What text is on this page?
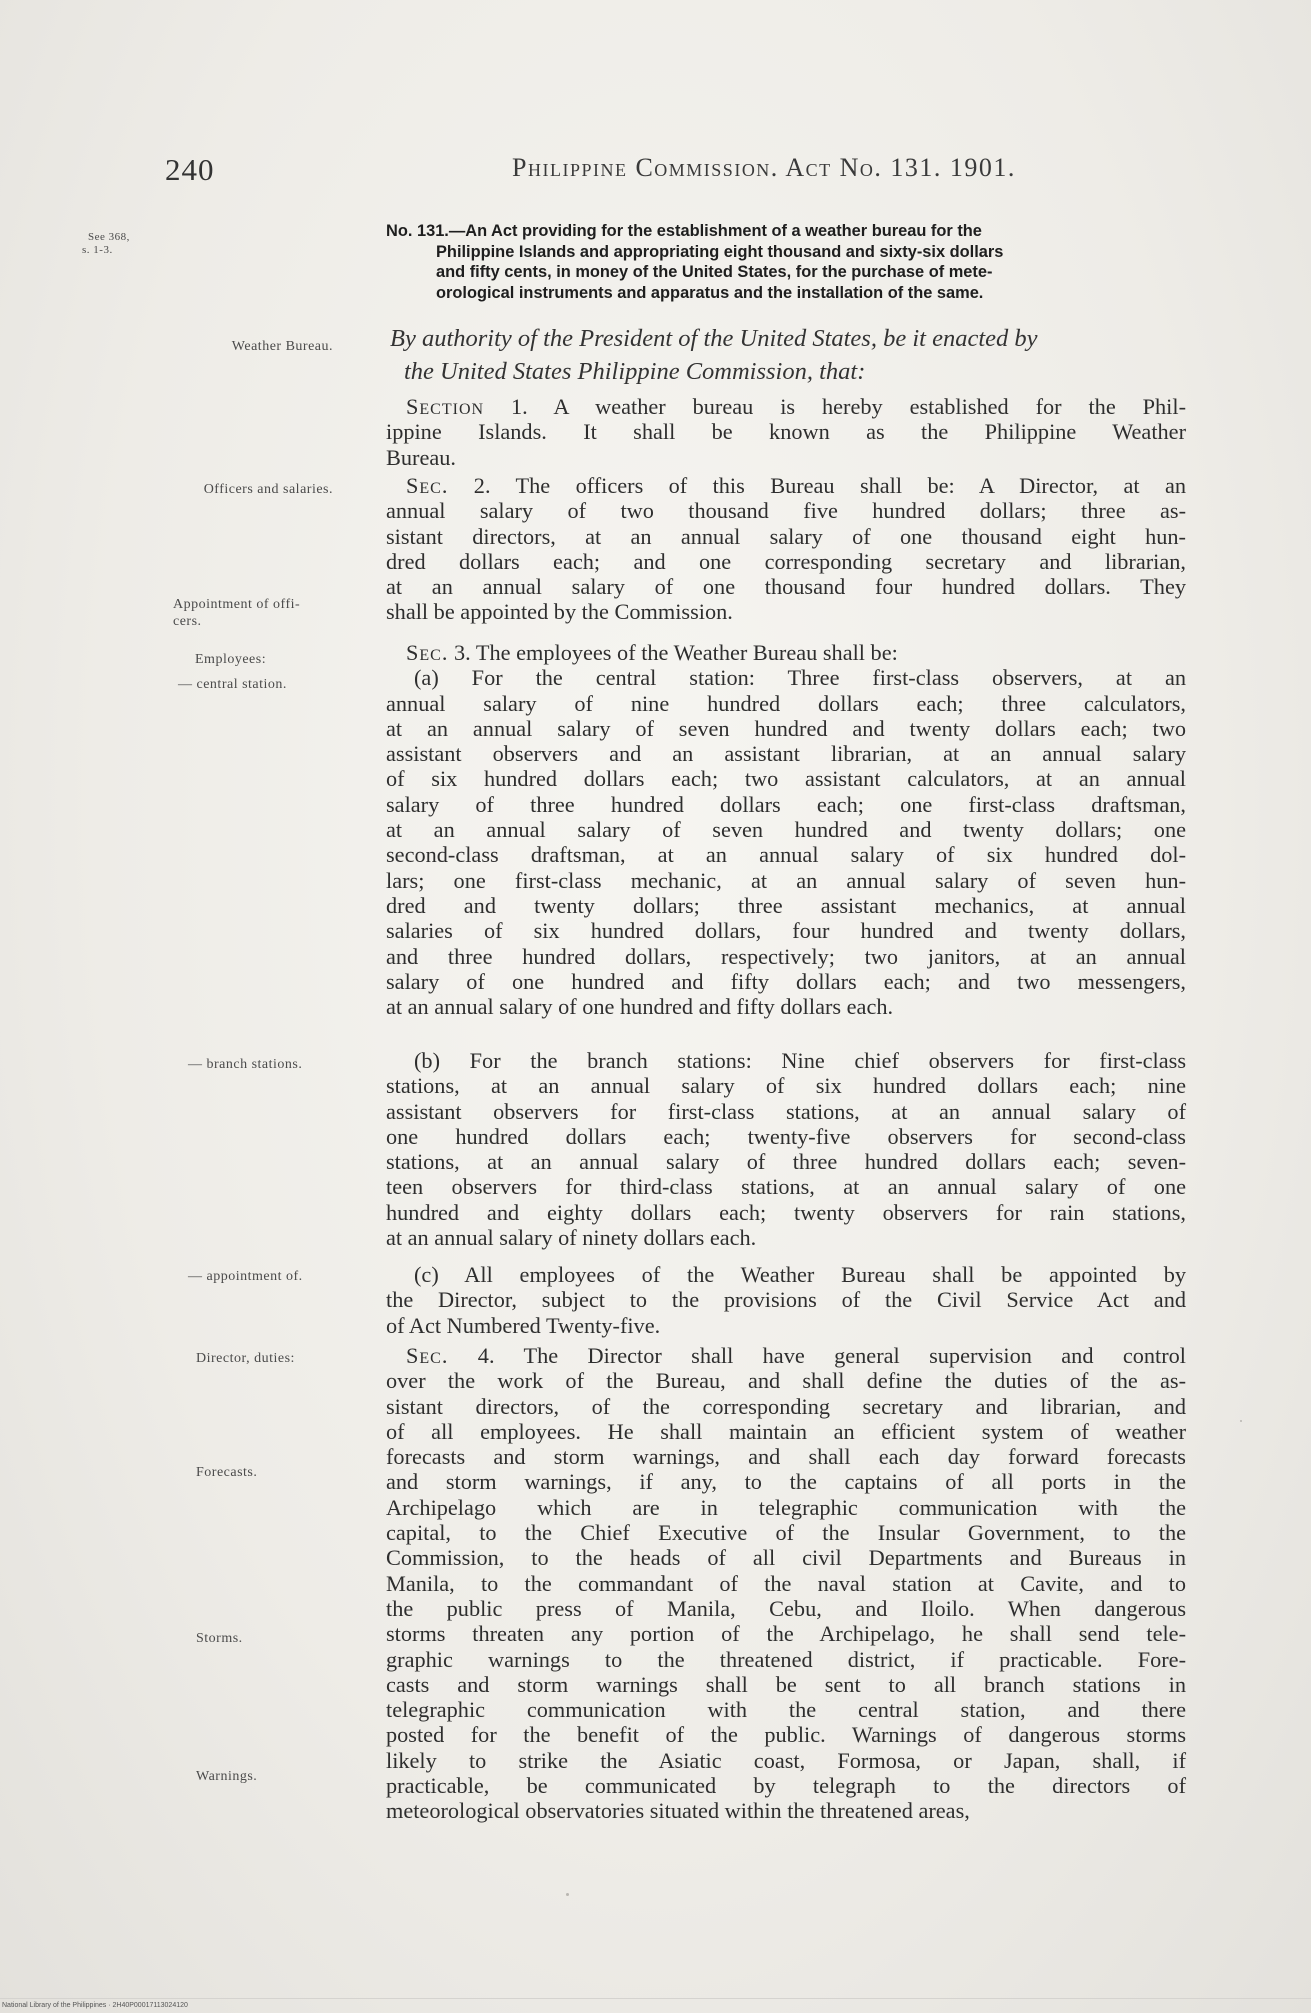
240	Philippine Commission. Act No. 131. 1901.
See 368,
s. 1-3.
Weather Bureau.
Officers and salaries.
Appointment of offi-
cers.
Employees:
— central station.
— branch stations.
— appointment of.
Director, duties:
Forecasts.
Storms.
Warnings.
No. 131.—An Act providing for the establishment of a weather bureau for the
Philippine Islands and appropriating eight thousand and sixty-six dollars
and fifty cents, in money of the United States, for the purchase of mete-
orological instruments and apparatus and the installation of the same.
By authority of the President of the United States, be it enacted by
the United States Philippine Commission, that:
Section 1. A weather bureau is hereby established for the Phil-
ippine Islands. It shall be known as the Philippine Weather
Bureau.
Sec. 2. The officers of this Bureau shall be: A Director, at an
annual salary of two thousand five hundred dollars; three as-
sistant directors, at an annual salary of one thousand eight hun-
dred dollars each; and one corresponding secretary and librarian,
at an annual salary of one thousand four hundred dollars. They
shall be appointed by the Commission.
Sec. 3. The employees of the Weather Bureau shall be:
(a) For the central station: Three first-class observers, at an
annual salary of nine hundred dollars each; three calculators,
at an annual salary of seven hundred and twenty dollars each; two
assistant observers and an assistant librarian, at an annual salary
of six hundred dollars each; two assistant calculators, at an annual
salary of three hundred dollars each; one first-class draftsman,
at an annual salary of seven hundred and twenty dollars; one
second-class draftsman, at an annual salary of six hundred dol-
lars; one first-class mechanic, at an annual salary of seven hun-
dred and twenty dollars; three assistant mechanics, at annual
salaries of six hundred dollars, four hundred and twenty dollars,
and three hundred dollars, respectively; two janitors, at an annual
salary of one hundred and fifty dollars each; and two messengers,
at an annual salary of one hundred and fifty dollars each.
(b) For the branch stations: Nine chief observers for first-class
stations, at an annual salary of six hundred dollars each; nine
assistant observers for first-class stations, at an annual salary of
one hundred dollars each; twenty-five observers for second-class
stations, at an annual salary of three hundred dollars each; seven-
teen observers for third-class stations, at an annual salary of one
hundred and eighty dollars each; twenty observers for rain stations,
at an annual salary of ninety dollars each.
(c) All employees of the Weather Bureau shall be appointed by
the Director, subject to the provisions of the Civil Service Act and
of Act Numbered Twenty-five.
Sec. 4. The Director shall have general supervision and control
over the work of the Bureau, and shall define the duties of the as-
sistant directors, of the corresponding secretary and librarian, and
of all employees. He shall maintain an efficient system of weather
forecasts and storm warnings, and shall each day forward forecasts
and storm warnings, if any, to the captains of all ports in the
Archipelago which are in telegraphic communication with the
capital, to the Chief Executive of the Insular Government, to the
Commission, to the heads of all civil Departments and Bureaus in
Manila, to the commandant of the naval station at Cavite, and to
the public press of Manila, Cebu, and Iloilo. When dangerous
storms threaten any portion of the Archipelago, he shall send tele-
graphic warnings to the threatened district, if practicable. Fore-
casts and storm warnings shall be sent to all branch stations in
telegraphic communication with the central station, and there
posted for the benefit of the public. Warnings of dangerous storms
likely to strike the Asiatic coast, Formosa, or Japan, shall, if
practicable, be communicated by telegraph to the directors of
meteorological observatories situated within the threatened areas,
National Library of the Philippines · 2H40P00017113024120
